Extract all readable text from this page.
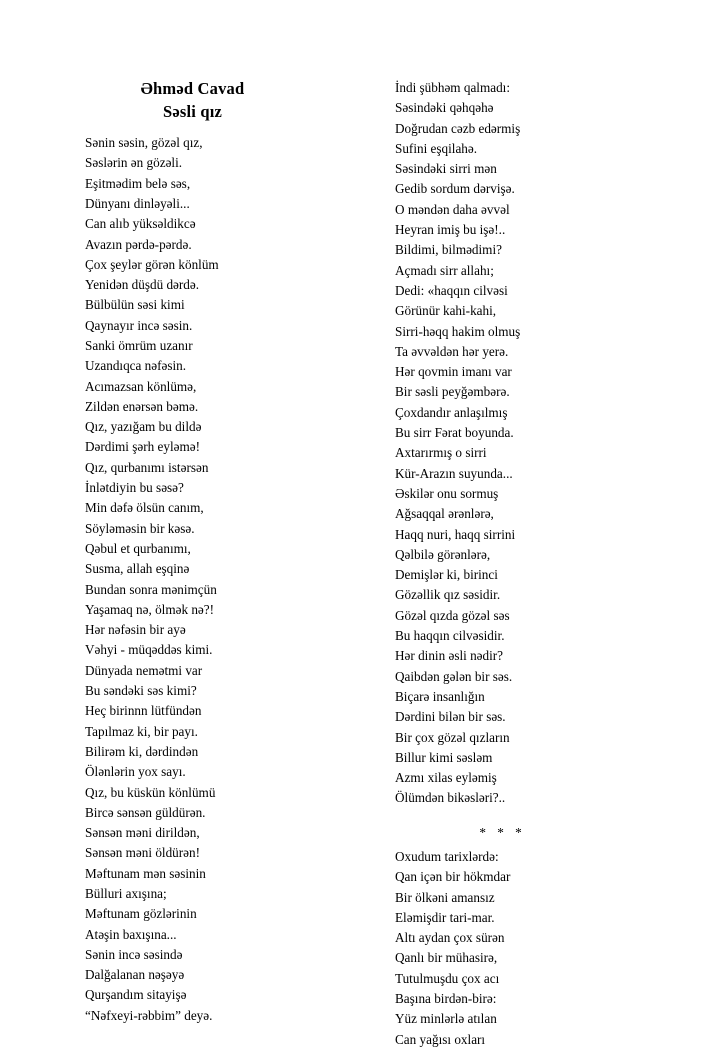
Əhməd Cavad
Səsli qız
Sənin səsin, gözəl qız,
Səslərin ən gözəli.
Eşitmədim belə səs,
Dünyanı dinləyəli...
Can alıb yüksəldikcə
Avazın pərdə-pərdə.
Çox şeylər görən könlüm
Yenidən düşdü dərdə.
Bülbülün səsi kimi
Qaynayır incə səsin.
Sanki ömrüm uzanır
Uzandıqca nəfəsin.
Acımazsan könlümə,
Zildən enərsən bəmə.
Qız, yazığam bu dildə
Dərdimi şərh eyləmə!
Qız, qurbanımı istərsən
İnlətdiyin bu səsə?
Min dəfə ölsün canım,
Söyləməsin bir kəsə.
Qəbul et qurbanımı,
Susma, allah eşqinə
Bundan sonra mənimçün
Yaşamaq nə, ölmək nə?!
Hər nəfəsin bir ayə
Vəhyi - müqəddəs kimi.
Dünyada nemətmi var
Bu səndəki səs kimi?
Heç birinnn lütfündən
Tapılmaz ki, bir payı.
Bilirəm ki, dərdindən
Ölənlərin yox sayı.
Qız, bu küskün könlümü
Bircə sənsən güldürən.
Sənsən məni dirildən,
Sənsən məni öldürən!
Məftunam mən səsinin
Bülluri axışına;
Məftunam gözlərinin
Atəşin baxışına...
Sənin incə səsində
Dalğalanan nəşəyə
Qurşandım sitayişə
“Nəfxeyi-rəbbim” deyə.
İndi şübhəm qalmadı:
Səsindəki qəhqəhə
Doğrudan cəzb edərmiş
Sufini eşqilahə.
Səsindəki sirri mən
Gedib sordum dərvişə.
O məndən daha əvvəl
Heyran imiş bu işə!..
Bildimi, bilmədimi?
Açmadı sirr allahı;
Dedi: «haqqın cilvəsi
Görünür kahi-kahi,
Sirri-həqq hakim olmuş
Ta əvvəldən hər yerə.
Hər qovmin imanı var
Bir səsli peyğəmbərə.
Çoxdandır anlaşılmış
Bu sirr Fərat boyunda.
Axtarırmış o sirri
Kür-Arazın suyunda...
Əskilər onu sormuş
Ağsaqqal ərənlərə,
Haqq nuri, haqq sirrini
Qəlbilə görənlərə,
Demişlər ki, birinci
Gözəllik qız səsidir.
Gözəl qızda gözəl səs
Bu haqqın cilvəsidir.
Hər dinin əsli nədir?
Qaibdən gələn bir səs.
Biçarə insanlığın
Dərdini bilən bir səs.
Bir çox gözəl qızların
Billur kimi səsləm
Azmı xilas eyləmiş
Ölümdən bikəsləri?..
* * *
Oxudum tarixlərdə:
Qan içən bir hökmdar
Bir ölkəni amansız
Eləmişdir tari-mar.
Altı aydan çox sürən
Qanlı bir mühasirə,
Tutulmuşdu çox acı
Başına birdən-birə:
Yüz minlərlə atılan
Can yağısı oxları
